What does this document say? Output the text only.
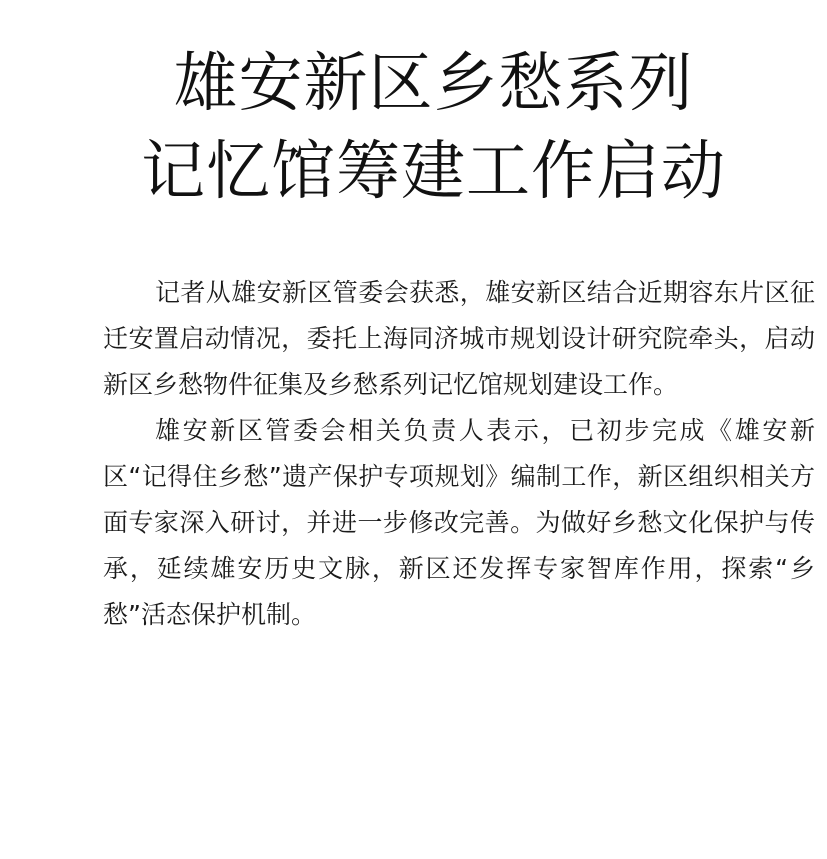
雄安新区乡愁系列
记忆馆筹建工作启动

记者从雄安新区管委会获悉，雄安新区结合近期容东片区征迁安置启动情况，委托上海同济城市规划设计研究院牵头，启动新区乡愁物件征集及乡愁系列记忆馆规划建设工作。

雄安新区管委会相关负责人表示，已初步完成《雄安新区“记得住乡愁”遗产保护专项规划》编制工作，新区组织相关方面专家深入研讨，并进一步修改完善。为做好乡愁文化保护与传承，延续雄安历史文脉，新区还发挥专家智库作用，探索“乡愁”活态保护机制。
